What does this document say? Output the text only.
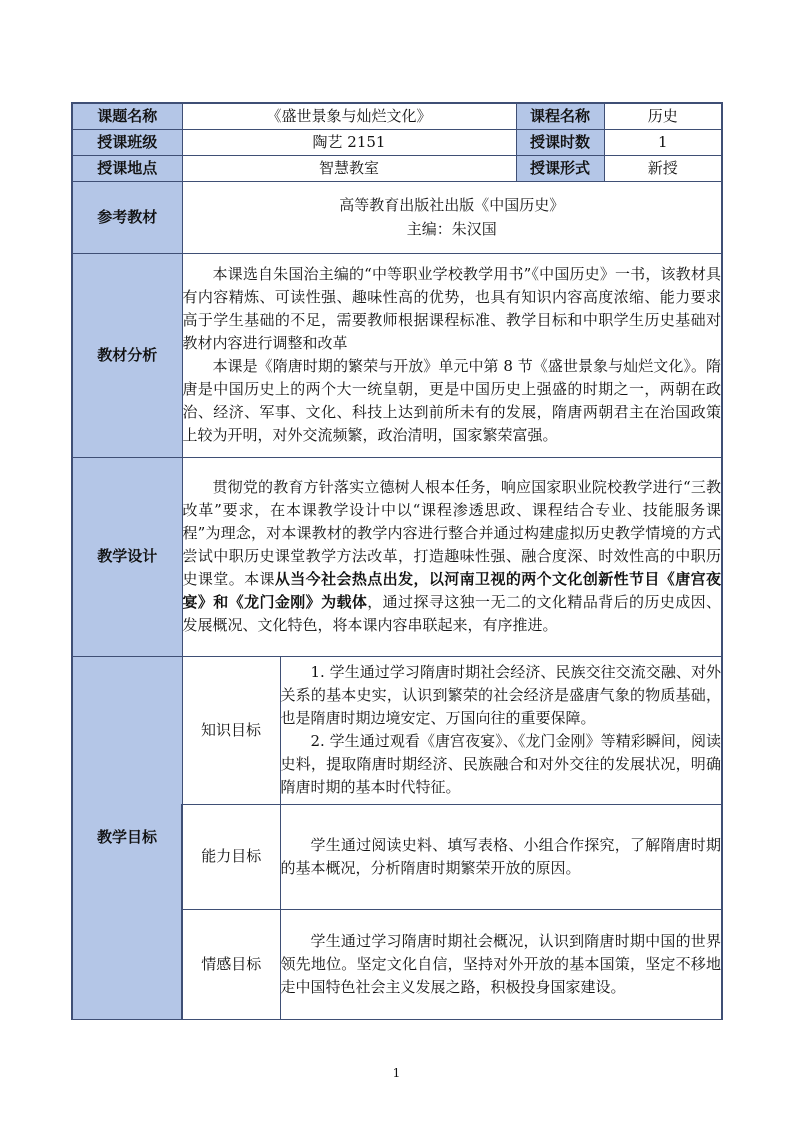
课题名称	《盛世景象与灿烂文化》		课程名称	历史
授课班级	陶艺 2151		授课时数	1
授课地点	智慧教室		授课形式	新授
参考教材	高等教育出版社出版《中国历史》
主编：朱汉国			

教材分析	本课选自朱国治主编的“中等职业学校教学用书”《中国历史》一书，该教材具有内容精炼、可读性强、趣味性高的优势，也具有知识内容高度浓缩、能力要求高于学生基础的不足，需要教师根据课程标准、教学目标和中职学生历史基础对教材内容进行调整和改革

本课是《隋唐时期的繁荣与开放》单元中第 8 节《盛世景象与灿烂文化》。隋唐是中国历史上的两个大一统皇朝，更是中国历史上强盛的时期之一，两朝在政治、经济、军事、文化、科技上达到前所未有的发展，隋唐两朝君主在治国政策上较为开明，对外交流频繁，政治清明，国家繁荣富强。			

教学设计	贯彻党的教育方针落实立德树人根本任务，响应国家职业院校教学进行“三教改革”要求，在本课教学设计中以“课程渗透思政、课程结合专业、技能服务课程”为理念，对本课教材的教学内容进行整合并通过构建虚拟历史教学情境的方式尝试中职历史课堂教学方法改革，打造趣味性强、融合度深、时效性高的中职历史课堂。本课从当今社会热点出发，以河南卫视的两个文化创新性节目《唐宫夜宴》和《龙门金刚》为载体，通过探寻这独一无二的文化精品背后的历史成因、发展概况、文化特色，将本课内容串联起来，有序推进。			

教学目标	知识目标	1. 学生通过学习隋唐时期社会经济、民族交往交流交融、对外关系的基本史实，认识到繁荣的社会经济是盛唐气象的物质基础，也是隋唐时期边境安定、万国向往的重要保障。

2. 学生通过观看《唐宫夜宴》、《龙门金刚》等精彩瞬间，阅读史料，提取隋唐时期经济、民族融合和对外交往的发展状况，明确隋唐时期的基本时代特征。		

	能力目标	学生通过阅读史料、填写表格、小组合作探究，了解隋唐时期的基本概况，分析隋唐时期繁荣开放的原因。		

	情感目标	学生通过学习隋唐时期社会概况，认识到隋唐时期中国的世界领先地位。坚定文化自信，坚持对外开放的基本国策，坚定不移地走中国特色社会主义发展之路，积极投身国家建设。		

1
